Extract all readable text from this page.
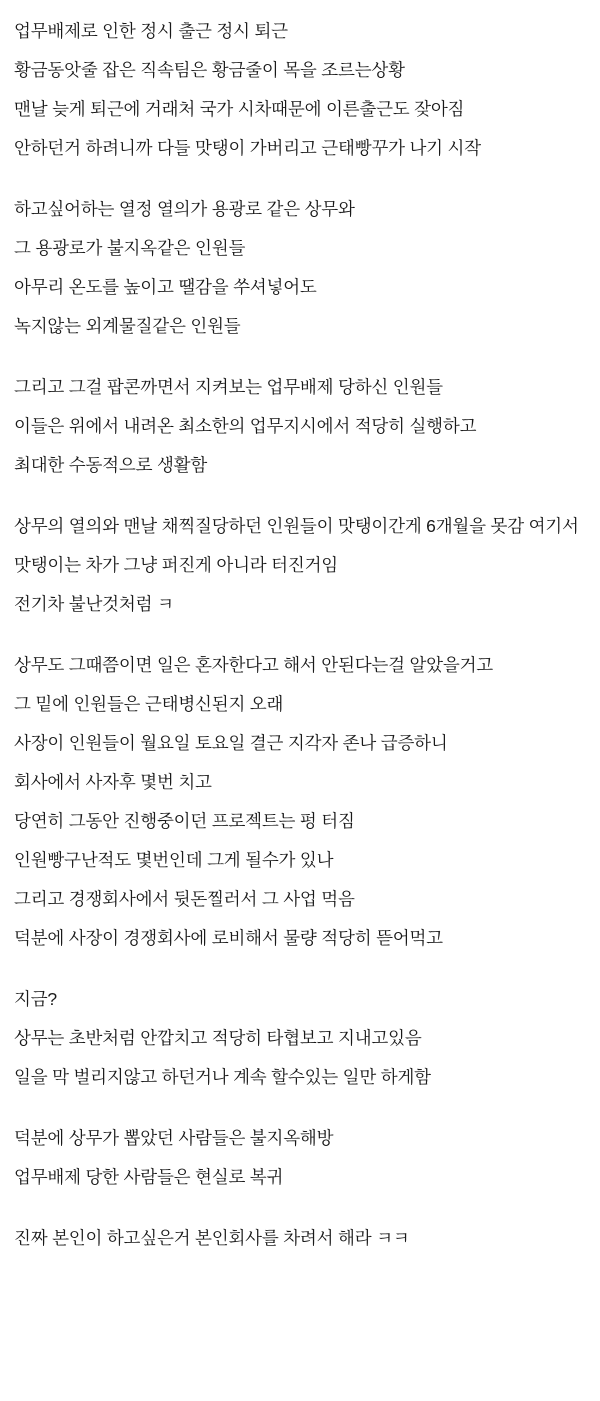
업무배제로 인한 정시 출근 정시 퇴근
황금동앗줄 잡은 직속팀은 황금줄이 목을 조르는상황
맨날 늦게 퇴근에 거래처 국가 시차때문에 이른출근도 잦아짐
안하던거 하려니까 다들 맛탱이 가버리고 근태빵꾸가 나기 시작
하고싶어하는 열정 열의가 용광로 같은 상무와
그 용광로가 불지옥같은 인원들
아무리 온도를 높이고 땔감을 쑤셔넣어도
녹지않는 외계물질같은 인원들
그리고 그걸 팝콘까면서 지켜보는 업무배제 당하신 인원들
이들은 위에서 내려온 최소한의 업무지시에서 적당히 실행하고
최대한 수동적으로 생활함
상무의 열의와 맨날 채찍질당하던 인원들이 맛탱이간게 6개월을 못감 여기서 맛탱이는 차가 그냥 퍼진게 아니라 터진거임
전기차 불난것처럼 ㅋ
상무도 그때쯤이면 일은 혼자한다고 해서 안된다는걸 알았을거고
그 밑에 인원들은 근태병신된지 오래
사장이 인원들이 월요일 토요일 결근 지각자 존나 급증하니
회사에서 사자후 몇번 치고
당연히 그동안 진행중이던 프로젝트는 펑 터짐
인원빵구난적도 몇번인데 그게 될수가 있나
그리고 경쟁회사에서 뒷돈찔러서 그 사업 먹음
덕분에 사장이 경쟁회사에 로비해서 물량 적당히 뜯어먹고
지금?
상무는 초반처럼 안깝치고 적당히 타협보고 지내고있음
일을 막 벌리지않고 하던거나 계속 할수있는 일만 하게함
덕분에 상무가 뽑았던 사람들은 불지옥해방
업무배제 당한 사람들은 현실로 복귀
진짜 본인이 하고싶은거 본인회사를 차려서 해라 ㅋㅋ
